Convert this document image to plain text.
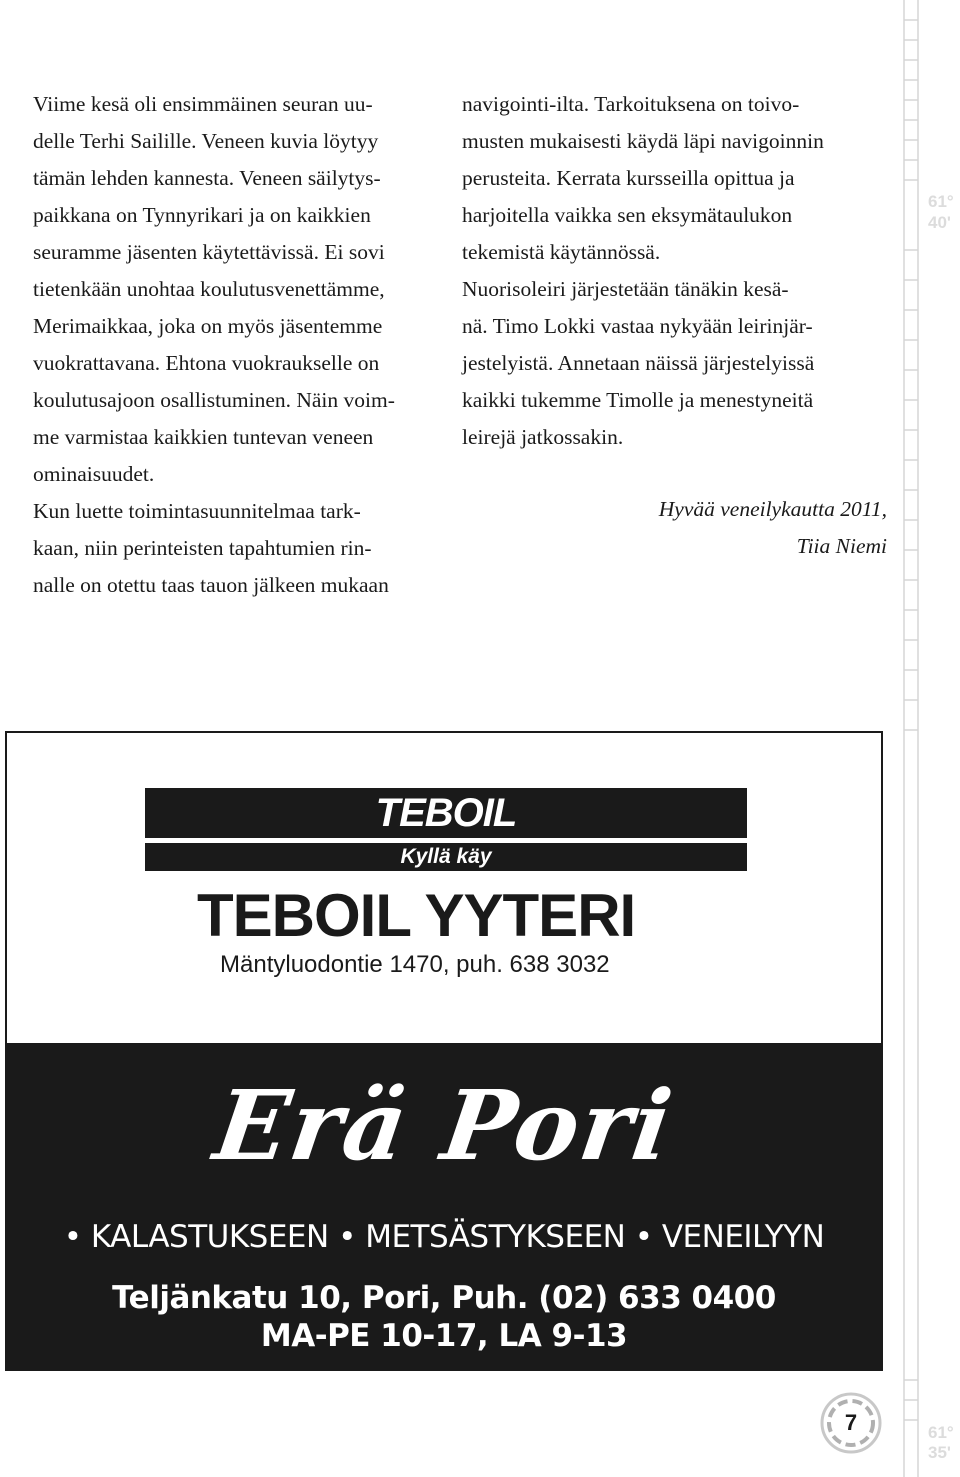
61°
40'
61°
35'

Viime kesä oli ensimmäinen seuran uu-
delle Terhi Sailille. Veneen kuvia löytyy
tämän lehden kannesta. Veneen säilytys-
paikkana on Tynnyrikari ja on kaikkien
seuramme jäsenten käytettävissä. Ei sovi
tietenkään unohtaa koulutusvenettämme,
Merimaikkaa, joka on myös jäsentemme
vuokrattavana. Ehtona vuokraukselle on
koulutusajoon osallistuminen. Näin voim-
me varmistaa kaikkien tuntevan veneen
ominaisuudet.

Kun luette toimintasuunnitelmaa tark-
kaan, niin perinteisten tapahtumien rin-
nalle on otettu taas tauon jälkeen mukaan

navigointi-ilta. Tarkoituksena on toivo-
musten mukaisesti käydä läpi navigoinnin
perusteita. Kerrata kursseilla opittua ja
harjoitella vaikka sen eksymätaulukon
tekemistä käytännössä.

Nuorisoleiri järjestetään tänäkin kesä-
nä. Timo Lokki vastaa nykyään leirinjär-
jestelyistä. Annetaan näissä järjestelyissä
kaikki tukemme Timolle ja menestyneitä
leirejä jatkossakin.

Hyvää veneilykautta 2011,

Tiia Niemi

TEBOIL
Kyllä käy
TEBOIL YYTERI
Mäntyluodontie 1470, puh. 638 3032
Erä Pori
• KALASTUKSEEN • METSÄSTYKSEEN • VENEILYYN
Teljänkatu 10, Pori, Puh. (02) 633 0400
MA-PE 10-17, LA 9-13
7
